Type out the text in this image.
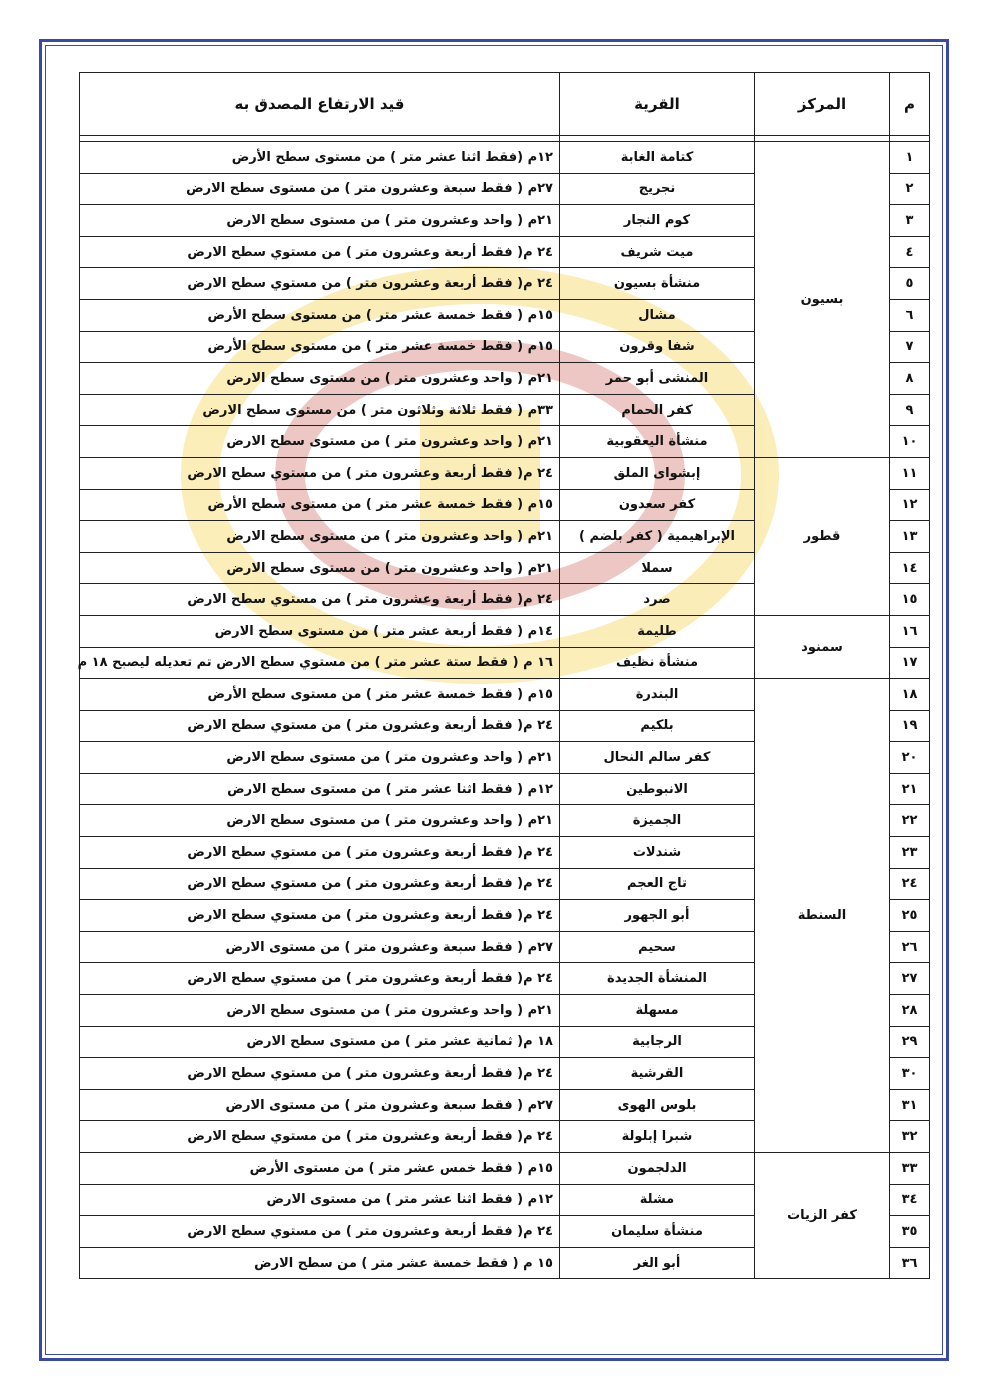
م	المركز	القرية	قيد الارتفاع المصدق به

١	بسيون	كتامة الغابة	١٢م (فقط اثنا عشر متر ) من مستوى سطح الأرض
٢		نجريج	٢٧م ( فقط سبعة وعشرون متر ) من مستوى سطح الارض
٣		كوم النجار	٢١م ( واحد وعشرون متر ) من مستوى سطح الارض
٤		ميت شريف	٢٤ م( فقط أربعة وعشرون متر ) من مستوي سطح الارض
٥		منشأة بسيون	٢٤ م( فقط أربعة وعشرون متر ) من مستوي سطح الارض
٦		مشال	١٥م ( فقط خمسة عشر متر ) من مستوى سطح الأرض
٧		شفا وقرون	١٥م ( فقط خمسة عشر متر ) من مستوى سطح الأرض
٨		المنشى أبو حمر	٢١م ( واحد وعشرون متر ) من مستوى سطح الارض
٩		كفر الحمام	٣٣م ( فقط ثلاثة وثلاثون متر ) من مستوى سطح الارض
١٠		منشأة اليعقوبية	٢١م ( واحد وعشرون متر ) من مستوى سطح الارض
١١	قطور	إبشواى الملق	٢٤ م( فقط أربعة وعشرون متر ) من مستوي سطح الارض
١٢		كفر سعدون	١٥م ( فقط خمسة عشر متر ) من مستوى سطح الأرض
١٣		الإبراهيمية ( كفر بلضم )	٢١م ( واحد وعشرون متر ) من مستوى سطح الارض
١٤		سملا	٢١م ( واحد وعشرون متر ) من مستوى سطح الارض
١٥		صرد	٢٤ م( فقط أربعة وعشرون متر ) من مستوي سطح الارض
١٦	سمنود	طليمة	١٤م ( فقط أربعة عشر متر ) من مستوى سطح الارض
١٧		منشأة نظيف	١٦ م ( فقط ستة عشر متر ) من مستوي سطح الارض تم تعديله ليصبح ١٨ م
١٨	السنطة	البندرة	١٥م ( فقط خمسة عشر متر ) من مستوى سطح الأرض
١٩		بلكيم	٢٤ م( فقط أربعة وعشرون متر ) من مستوي سطح الارض
٢٠		كفر سالم النحال	٢١م ( واحد وعشرون متر ) من مستوى سطح الارض
٢١		الانبوطين	١٢م ( فقط اثنا عشر متر ) من مستوى سطح الارض
٢٢		الجميزة	٢١م ( واحد وعشرون متر ) من مستوى سطح الارض
٢٣		شندلات	٢٤ م( فقط أربعة وعشرون متر ) من مستوي سطح الارض
٢٤		تاج العجم	٢٤ م( فقط أربعة وعشرون متر ) من مستوي سطح الارض
٢٥		أبو الجهور	٢٤ م( فقط أربعة وعشرون متر ) من مستوي سطح الارض
٢٦		سحيم	٢٧م ( فقط سبعة وعشرون متر ) من مستوى الارض
٢٧		المنشأة الجديدة	٢٤ م( فقط أربعة وعشرون متر ) من مستوي سطح الارض
٢٨		مسهلة	٢١م ( واحد وعشرون متر ) من مستوى سطح الارض
٢٩		الرجابية	١٨ م( ثمانية عشر متر ) من مستوى سطح الارض
٣٠		القرشية	٢٤ م( فقط أربعة وعشرون متر ) من مستوي سطح الارض
٣١		بلوس الهوى	٢٧م ( فقط سبعة وعشرون متر ) من مستوى الارض
٣٢		شبرا إبلولة	٢٤ م( فقط أربعة وعشرون متر ) من مستوي سطح الارض
٣٣	كفر الزيات	الدلجمون	١٥م ( فقط خمس عشر متر ) من مستوى الأرض
٣٤		مشلة	١٢م ( فقط اثنا عشر متر ) من مستوى الارض
٣٥		منشأة سليمان	٢٤ م( فقط أربعة وعشرون متر ) من مستوي سطح الارض
٣٦		أبو الغر	١٥ م ( فقط خمسة عشر متر ) من سطح الارض
